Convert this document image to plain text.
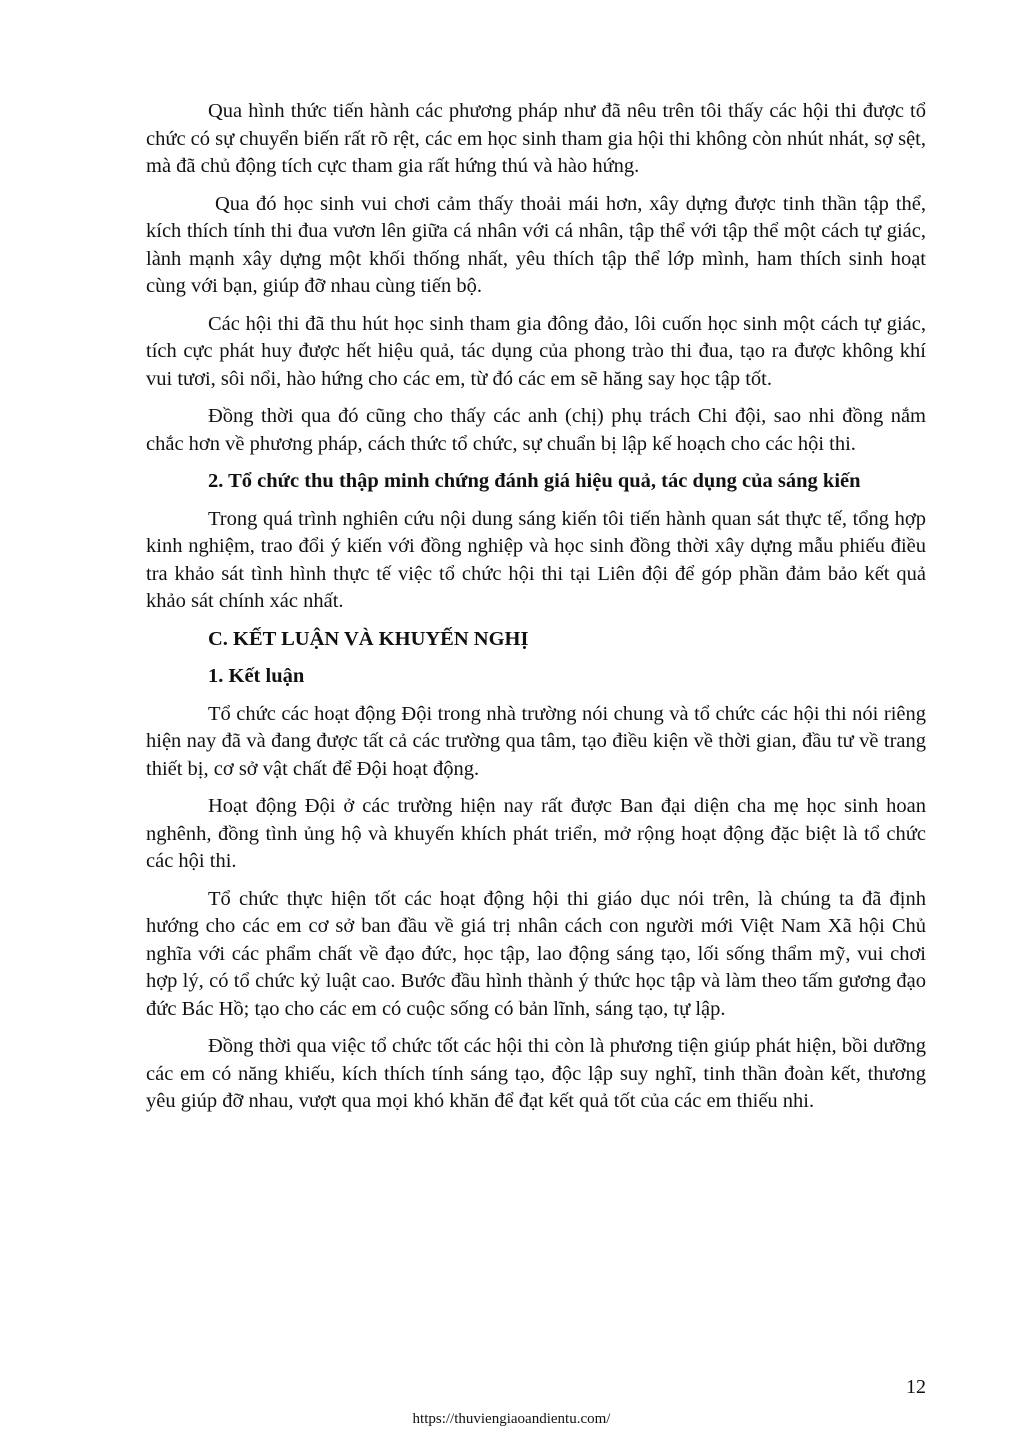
Qua hình thức tiến hành các phương pháp như đã nêu trên tôi thấy các hội thi được tổ chức có sự chuyển biến rất rõ rệt, các em học sinh tham gia hội thi không còn nhút nhát, sợ sệt, mà đã chủ động tích cực tham gia rất hứng thú và hào hứng.

Qua đó học sinh vui chơi cảm thấy thoải mái hơn, xây dựng được tinh thần tập thể, kích thích tính thi đua vươn lên giữa cá nhân với cá nhân, tập thể với tập thể một cách tự giác, lành mạnh xây dựng một khối thống nhất, yêu thích tập thể lớp mình, ham thích sinh hoạt cùng với bạn, giúp đỡ nhau cùng tiến bộ.

Các hội thi đã thu hút học sinh tham gia đông đảo, lôi cuốn học sinh một cách tự giác, tích cực phát huy được hết hiệu quả, tác dụng của phong trào thi đua, tạo ra được không khí vui tươi, sôi nổi, hào hứng cho các em, từ đó các em sẽ hăng say học tập tốt.

Đồng thời qua đó cũng cho thấy các anh (chị) phụ trách Chi đội, sao nhi đồng nắm chắc hơn về phương pháp, cách thức tổ chức, sự chuẩn bị lập kế hoạch cho các hội thi.

2. Tổ chức thu thập minh chứng đánh giá hiệu quả, tác dụng của sáng kiến

Trong quá trình nghiên cứu nội dung sáng kiến tôi tiến hành quan sát thực tế, tổng hợp kinh nghiệm, trao đổi ý kiến với đồng nghiệp và học sinh đồng thời xây dựng mẫu phiếu điều tra khảo sát tình hình thực tế việc tổ chức hội thi tại Liên đội để góp phần đảm bảo kết quả khảo sát chính xác nhất.

C. KẾT LUẬN VÀ KHUYẾN NGHỊ

1. Kết luận

Tổ chức các hoạt động Đội trong nhà trường nói chung và tổ chức các hội thi nói riêng hiện nay đã và đang được tất cả các trường qua tâm, tạo điều kiện về thời gian, đầu tư về trang thiết bị, cơ sở vật chất để Đội hoạt động.

Hoạt động Đội ở các trường hiện nay rất được Ban đại diện cha mẹ học sinh hoan nghênh, đồng tình ủng hộ và khuyến khích phát triển, mở rộng hoạt động đặc biệt là tổ chức các hội thi.

Tổ chức thực hiện tốt các hoạt động hội thi giáo dục nói trên, là chúng ta đã định hướng cho các em cơ sở ban đầu về giá trị nhân cách con người mới Việt Nam Xã hội Chủ nghĩa với các phẩm chất về đạo đức, học tập, lao động sáng tạo, lối sống thẩm mỹ, vui chơi hợp lý, có tổ chức kỷ luật cao. Bước đầu hình thành ý thức học tập và làm theo tấm gương đạo đức Bác Hồ; tạo cho các em có cuộc sống có bản lĩnh, sáng tạo, tự lập.

Đồng thời qua việc tổ chức tốt các hội thi còn là phương tiện giúp phát hiện, bồi dưỡng các em có năng khiếu, kích thích tính sáng tạo, độc lập suy nghĩ, tinh thần đoàn kết, thương yêu giúp đỡ nhau, vượt qua mọi khó khăn để đạt kết quả tốt của các em thiếu nhi.

12
https://thuviengiaoandientu.com/
